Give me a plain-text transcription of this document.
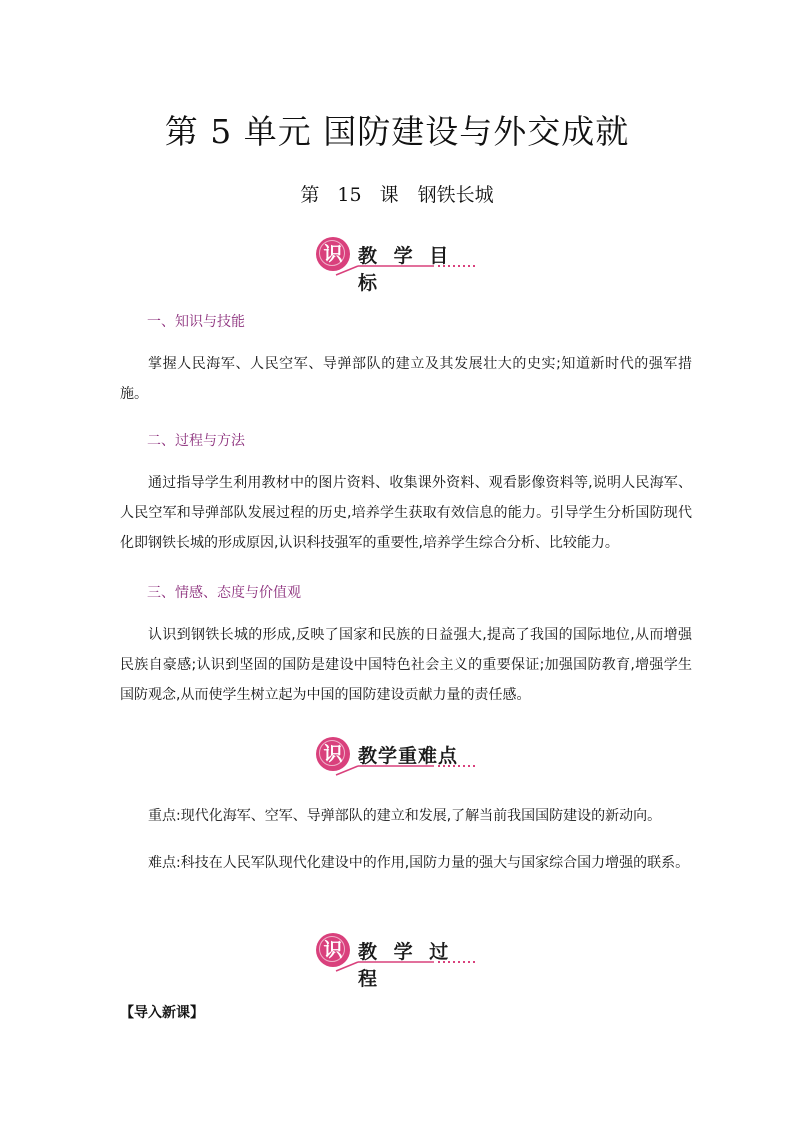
第 5 单元 国防建设与外交成就
第 15 课　钢铁长城
识 教 学 目 标
一、知识与技能
掌握人民海军、人民空军、导弹部队的建立及其发展壮大的史实;知道新时代的强军措施。
二、过程与方法
通过指导学生利用教材中的图片资料、收集课外资料、观看影像资料等,说明人民海军、人民空军和导弹部队发展过程的历史,培养学生获取有效信息的能力。引导学生分析国防现代化即钢铁长城的形成原因,认识科技强军的重要性,培养学生综合分析、比较能力。
三、情感、态度与价值观
认识到钢铁长城的形成,反映了国家和民族的日益强大,提高了我国的国际地位,从而增强民族自豪感;认识到坚固的国防是建设中国特色社会主义的重要保证;加强国防教育,增强学生国防观念,从而使学生树立起为中国的国防建设贡献力量的责任感。
识 教学重难点
重点:现代化海军、空军、导弹部队的建立和发展,了解当前我国国防建设的新动向。
难点:科技在人民军队现代化建设中的作用,国防力量的强大与国家综合国力增强的联系。
识 教 学 过 程
【导入新课】
